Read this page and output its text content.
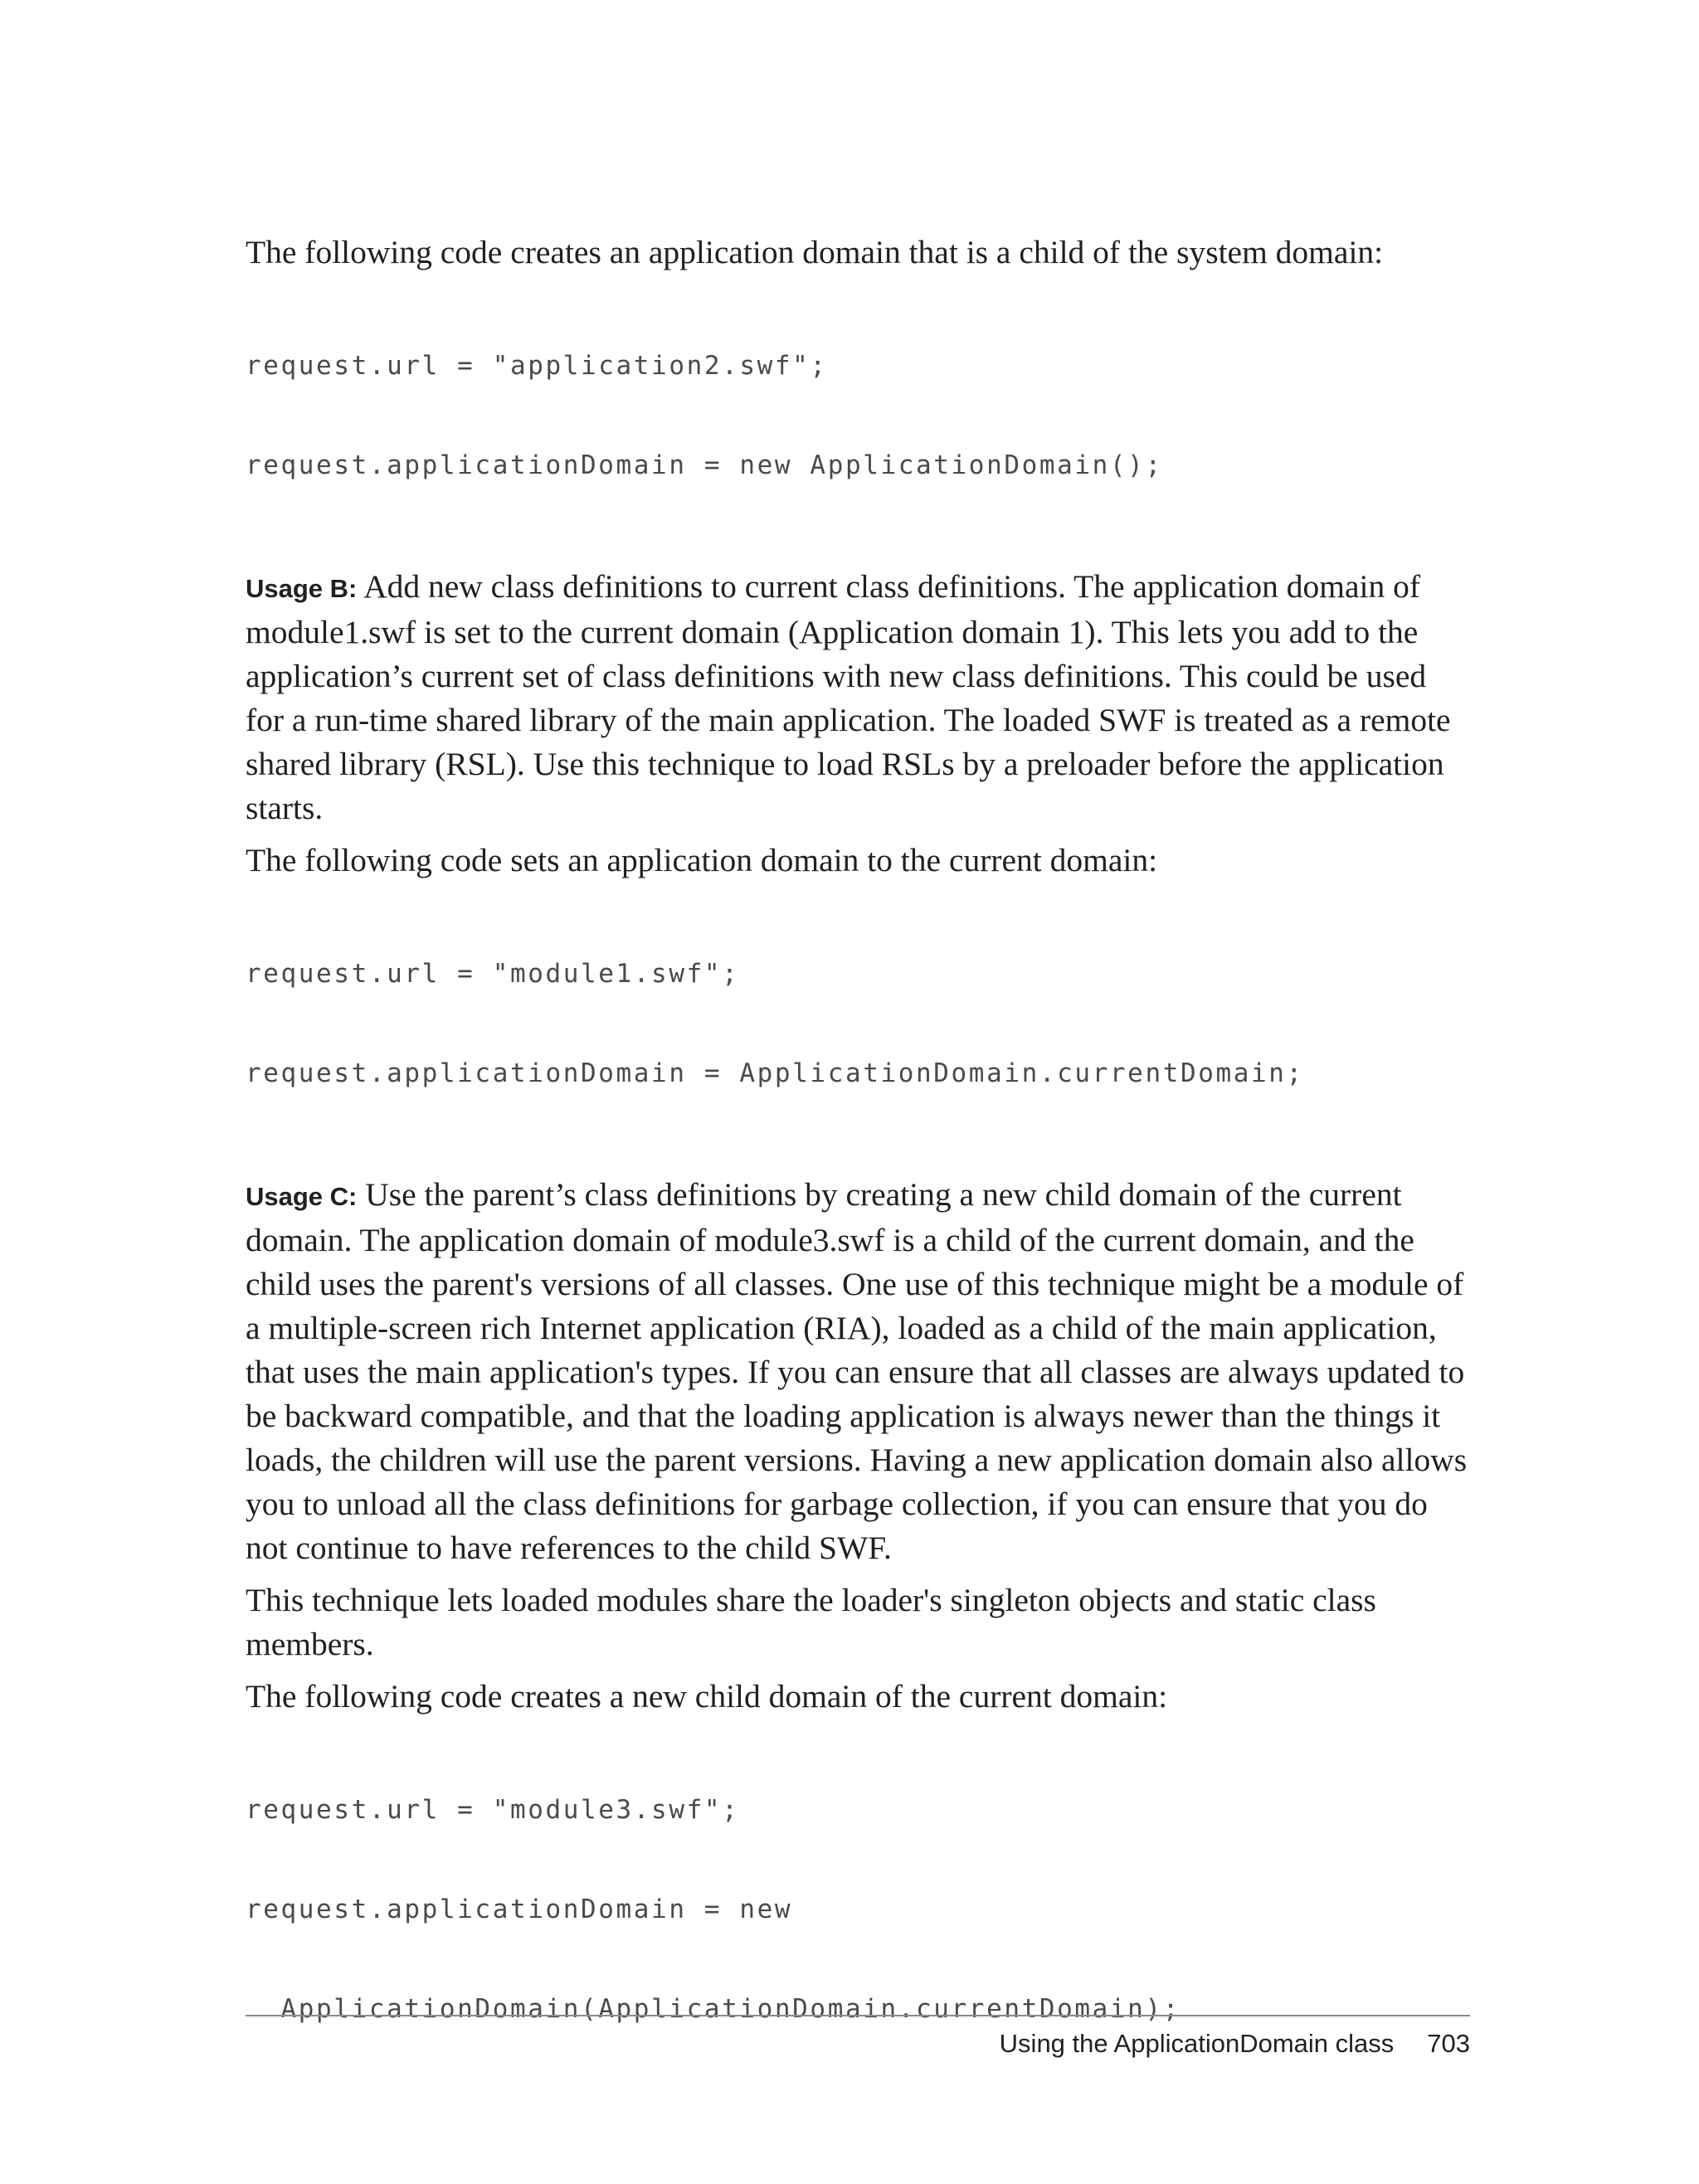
The following code creates an application domain that is a child of the system domain:

request.url = "application2.swf";

request.applicationDomain = new ApplicationDomain();

Usage B: Add new class definitions to current class definitions. The application domain of module1.swf is set to the current domain (Application domain 1). This lets you add to the application’s current set of class definitions with new class definitions. This could be used for a run-time shared library of the main application. The loaded SWF is treated as a remote shared library (RSL). Use this technique to load RSLs by a preloader before the application starts.

The following code sets an application domain to the current domain:

request.url = "module1.swf";

request.applicationDomain = ApplicationDomain.currentDomain;

Usage C: Use the parent’s class definitions by creating a new child domain of the current domain. The application domain of module3.swf is a child of the current domain, and the child uses the parent's versions of all classes. One use of this technique might be a module of a multiple-screen rich Internet application (RIA), loaded as a child of the main application, that uses the main application's types. If you can ensure that all classes are always updated to be backward compatible, and that the loading application is always newer than the things it loads, the children will use the parent versions. Having a new application domain also allows you to unload all the class definitions for garbage collection, if you can ensure that you do not continue to have references to the child SWF.

This technique lets loaded modules share the loader's singleton objects and static class members.

The following code creates a new child domain of the current domain:

request.url = "module3.swf";

request.applicationDomain = new

ApplicationDomain(ApplicationDomain.currentDomain);

Using the ApplicationDomain class 703
